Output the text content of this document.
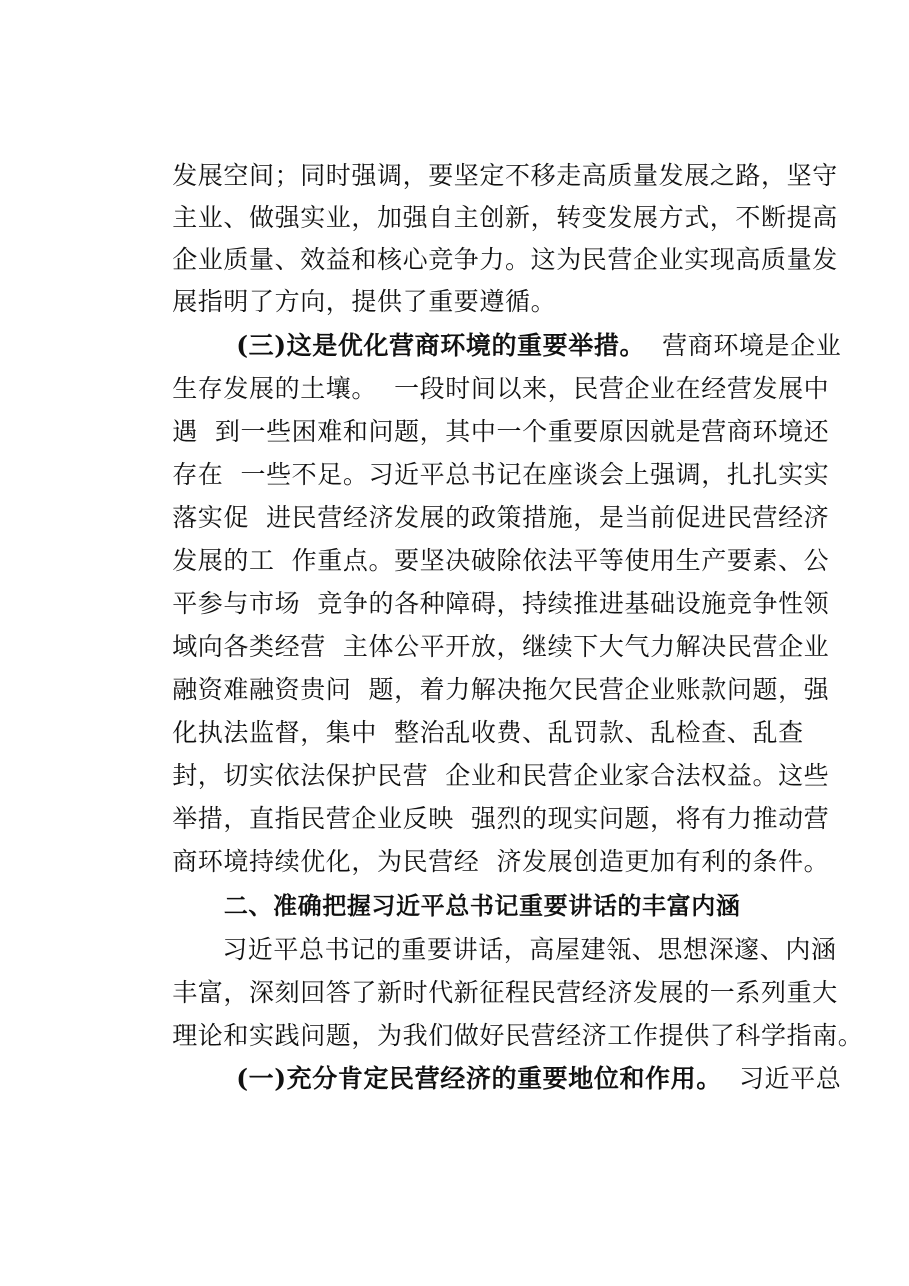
发展空间；同时强调，要坚定不移走高质量发展之路，坚守

主业、做强实业，加强自主创新，转变发展方式，不断提高

企业质量、效益和核心竞争力。这为民营企业实现高质量发

展指明了方向，提供了重要遵循。

(三)这是优化营商环境的重要举措。  营商环境是企业

生存发展的土壤。  一段时间以来，民营企业在经营发展中

遇  到一些困难和问题，其中一个重要原因就是营商环境还

存在  一些不足。习近平总书记在座谈会上强调，扎扎实实

落实促  进民营经济发展的政策措施，是当前促进民营经济

发展的工  作重点。要坚决破除依法平等使用生产要素、公

平参与市场  竞争的各种障碍，持续推进基础设施竞争性领

域向各类经营  主体公平开放，继续下大气力解决民营企业

融资难融资贵问  题，着力解决拖欠民营企业账款问题，强

化执法监督，集中  整治乱收费、乱罚款、乱检查、乱查

封，切实依法保护民营  企业和民营企业家合法权益。这些

举措，直指民营企业反映  强烈的现实问题，将有力推动营

商环境持续优化，为民营经  济发展创造更加有利的条件。

二、准确把握习近平总书记重要讲话的丰富内涵

习近平总书记的重要讲话，高屋建瓴、思想深邃、内涵

丰富，深刻回答了新时代新征程民营经济发展的一系列重大

理论和实践问题，为我们做好民营经济工作提供了科学指南。

(一)充分肯定民营经济的重要地位和作用。  习近平总
